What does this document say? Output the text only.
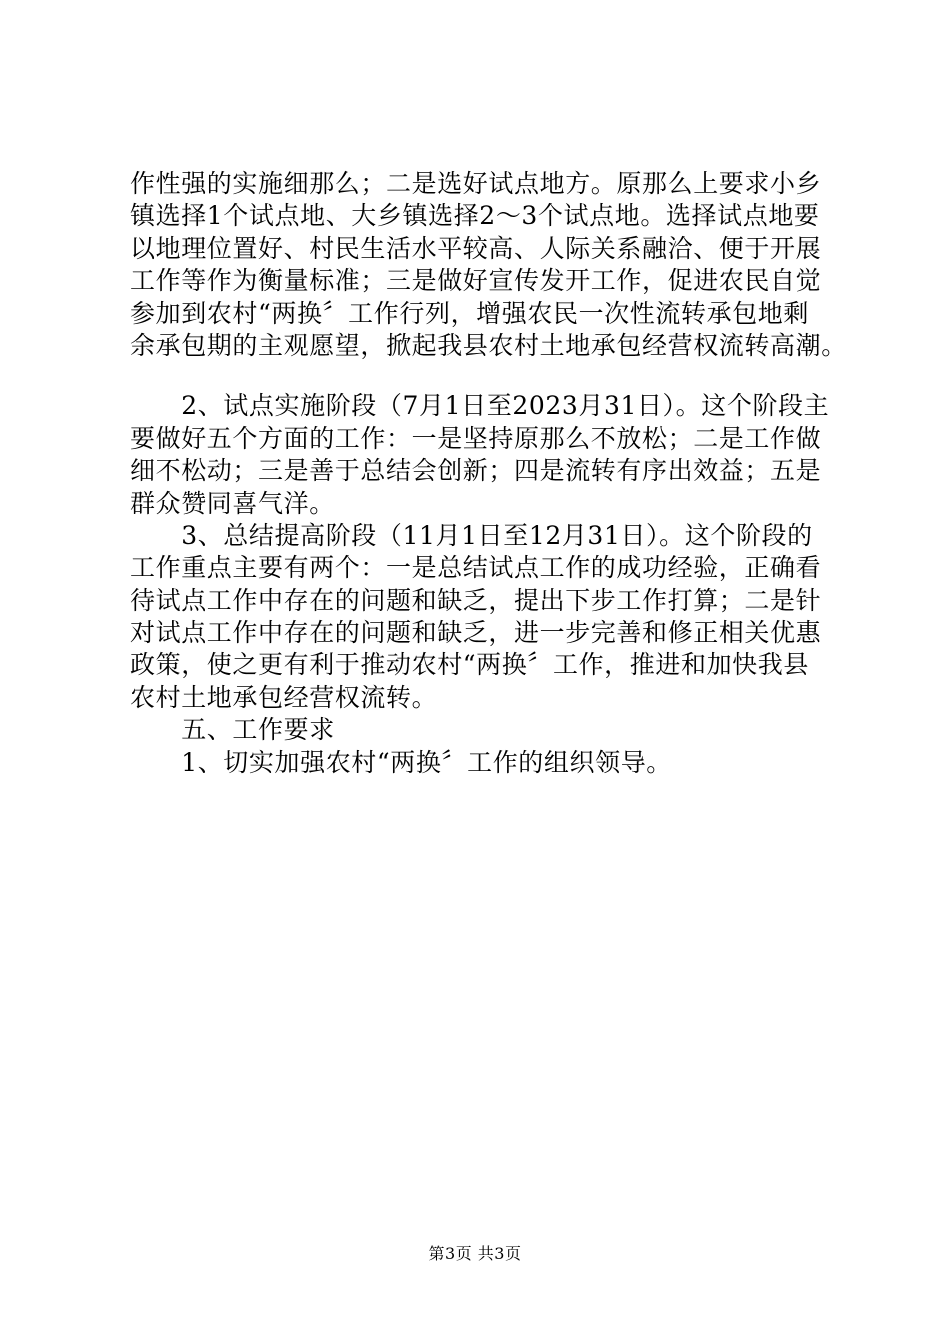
作性强的实施细那么；二是选好试点地方。原那么上要求小乡
镇选择1个试点地、大乡镇选择2～3个试点地。选择试点地要
以地理位置好、村民生活水平较高、人际关系融洽、便于开展
工作等作为衡量标准；三是做好宣传发开工作，促进农民自觉
参加到农村“两换〞工作行列，增强农民一次性流转承包地剩
余承包期的主观愿望，掀起我县农村土地承包经营权流转高潮。
　　2、试点实施阶段（7月1日至2023月31日）。这个阶段主
要做好五个方面的工作：一是坚持原那么不放松；二是工作做
细不松动；三是善于总结会创新；四是流转有序出效益；五是
群众赞同喜气洋。
　　3、总结提高阶段（11月1日至12月31日）。这个阶段的
工作重点主要有两个：一是总结试点工作的成功经验，正确看
待试点工作中存在的问题和缺乏，提出下步工作打算；二是针
对试点工作中存在的问题和缺乏，进一步完善和修正相关优惠
政策，使之更有利于推动农村“两换〞工作，推进和加快我县
农村土地承包经营权流转。
　　五、工作要求
　　1、切实加强农村“两换〞工作的组织领导。
第3页 共3页
